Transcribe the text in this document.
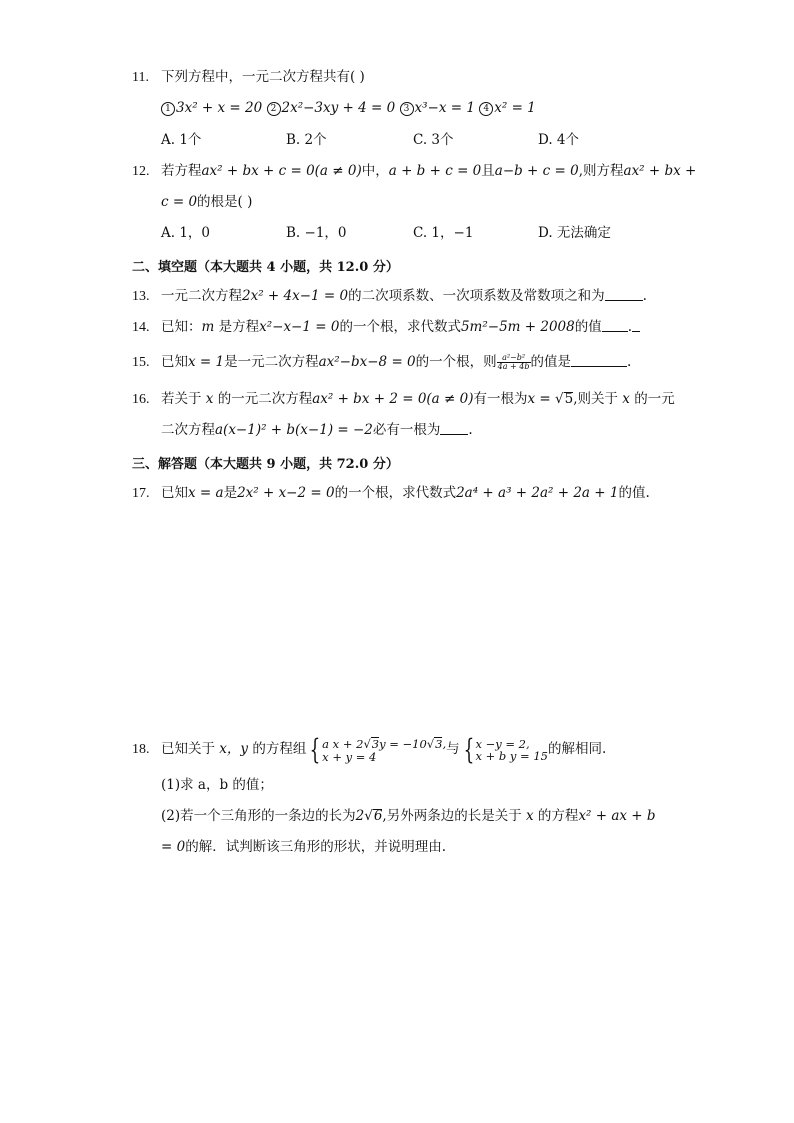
11. 下列方程中，一元二次方程共有( )
1 3x² + x = 20 2 2x²−3xy + 4 = 0 3 x³−x = 1 4 x² = 1
A. 1个	B. 2个	C. 3个	D. 4个
12. 若方程ax² + bx + c = 0(a ≠ 0)中，a + b + c = 0且a−b + c = 0,则方程ax² + bx +
c = 0的根是( )
A. 1，0	B. −1，0	C. 1，−1	D. 无法确定
二、填空题（本大题共 4 小题，共 12.0 分）
13. 一元二次方程2x² + 4x−1 = 0的二次项系数、一次项系数及常数项之和为	.
14. 已知：m 是方程x²−x−1 = 0的一个根，求代数式5m²−5m + 2008的值 .
15. 已知x = 1是一元二次方程ax²−bx−8 = 0的一个根，则 $\frac{\text{a²−b²}}{4a + 4b}$ 的值是	.
16. 若关于 x 的一元二次方程ax² + bx + 2 = 0(a ≠ 0)有一根为x = √5,则关于 x 的一元
二次方程a(x−1)² + b(x−1) = −2必有一根为 .
三、解答题（本大题共 9 小题，共 72.0 分）
17. 已知x = a是2x² + x−2 = 0的一个根，求代数式2a⁴ + a³ + 2a² + 2a + 1的值.
18. 已知关于 x，y 的方程组 { a x + 2√3y = −10√3,
x + y = 4	与 { x −y = 2,
x + b y = 15 的解相同.
(1)求 a，b 的值；
(2)若一个三角形的一条边的长为2√6,另外两条边的长是关于 x 的方程x² + ax + b
= 0的解．试判断该三角形的形状，并说明理由.
